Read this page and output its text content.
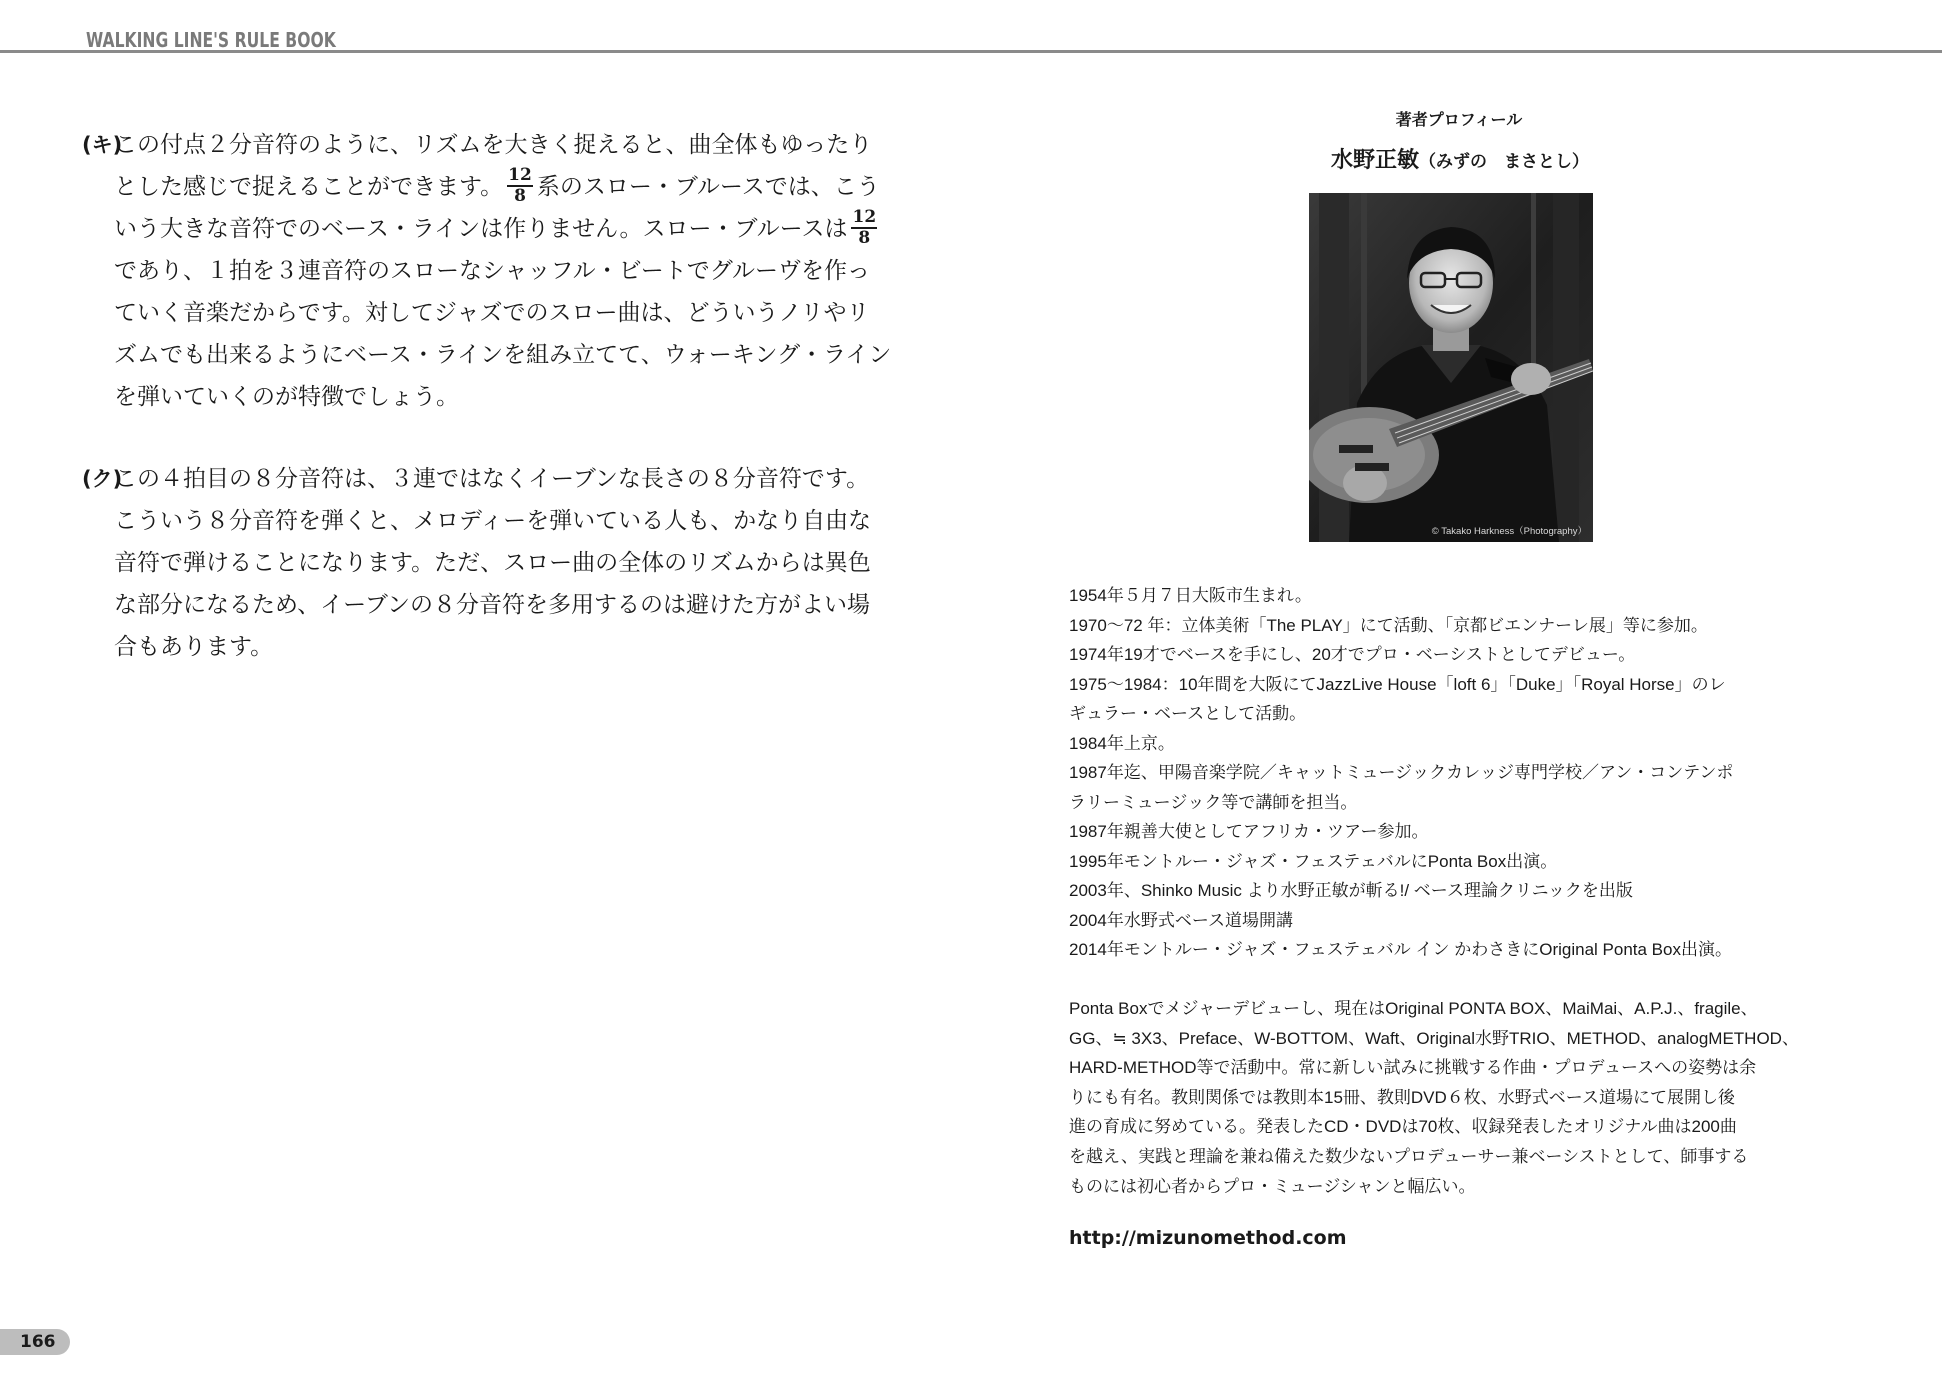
WALKING LINE'S RULE BOOK
(キ)
この付点２分音符のように、リズムを大きく捉えると、曲全体もゆったり
とした感じで捉えることができます。 $\frac{12}{8}$ 系のスロー・ブルースでは、こう
いう大きな音符でのベース・ラインは作りません。スロー・ブルースは $\frac{12}{8}$
であり、１拍を３連音符のスローなシャッフル・ビートでグルーヴを作っ
ていく音楽だからです。対してジャズでのスロー曲は、どういうノリやリ
ズムでも出来るようにベース・ラインを組み立てて、ウォーキング・ライン
を弾いていくのが特徴でしょう。
(ク)
この４拍目の８分音符は、３連ではなくイーブンな長さの８分音符です。
こういう８分音符を弾くと、メロディーを弾いている人も、かなり自由な
音符で弾けることになります。ただ、スロー曲の全体のリズムからは異色
な部分になるため、イーブンの８分音符を多用するのは避けた方がよい場
合もあります。
著者プロフィール
水野正敏（みずの　まさとし）
© Takako Harkness（Photography）
1954年５月７日大阪市生まれ。
1970～72 年：立体美術「The PLAY」にて活動、「京都ビエンナーレ展」等に参加。
1974年19才でベースを手にし、20才でプロ・ベーシストとしてデビュー。
1975～1984：10年間を大阪にてJazzLive House「loft 6」「Duke」「Royal Horse」のレ
ギュラー・ベースとして活動。
1984年上京。
1987年迄、甲陽音楽学院／キャットミュージックカレッジ専門学校／アン・コンテンポ
ラリーミュージック等で講師を担当。
1987年親善大使としてアフリカ・ツアー参加。
1995年モントルー・ジャズ・フェステェバルにPonta Box出演。
2003年、Shinko Music より水野正敏が斬る!/ ベース理論クリニックを出版
2004年水野式ベース道場開講
2014年モントルー・ジャズ・フェステェバル イン かわさきにOriginal Ponta Box出演。
Ponta Boxでメジャーデビューし、現在はOriginal PONTA BOX、MaiMai、A.P.J.、fragile、
GG、≒ 3X3、Preface、W-BOTTOM、Waft、Original水野TRIO、METHOD、analogMETHOD、
HARD-METHOD等で活動中。常に新しい試みに挑戦する作曲・プロデュースへの姿勢は余
りにも有名。教則関係では教則本15冊、教則DVD６枚、水野式ベース道場にて展開し後
進の育成に努めている。発表したCD・DVDは70枚、収録発表したオリジナル曲は200曲
を越え、実践と理論を兼ね備えた数少ないプロデューサー兼ベーシストとして、師事する
ものには初心者からプロ・ミュージシャンと幅広い。
http://mizunomethod.com
166
